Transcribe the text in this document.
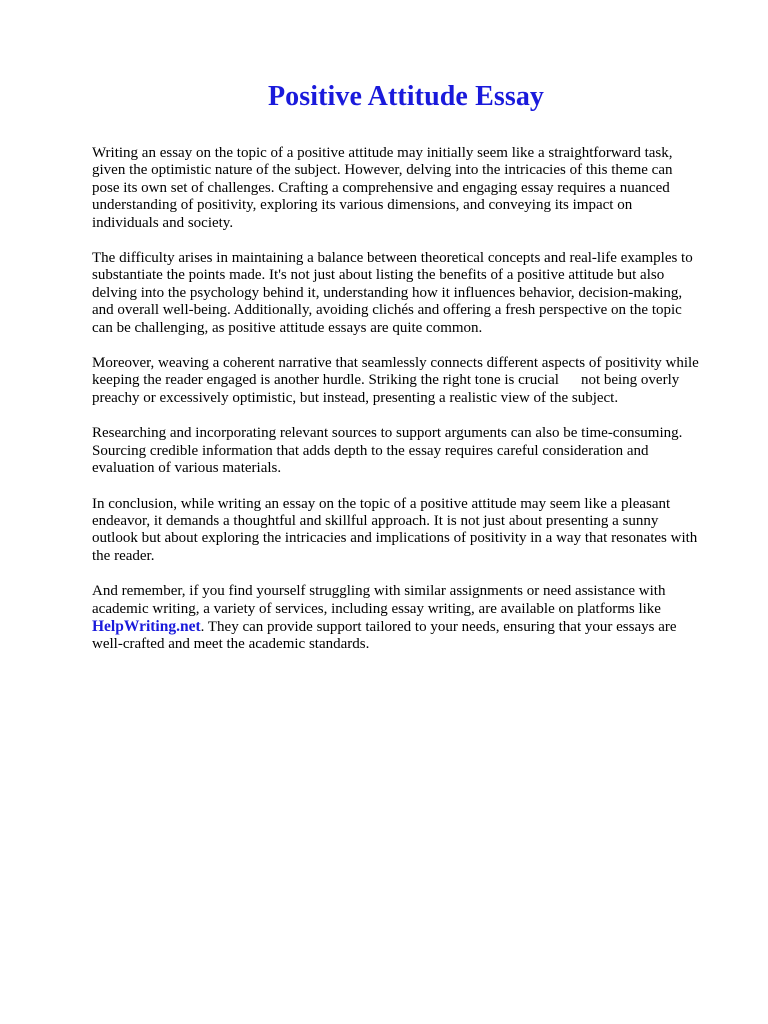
Positive Attitude Essay

Writing an essay on the topic of a positive attitude may initially seem like a straightforward task,
given the optimistic nature of the subject. However, delving into the intricacies of this theme can
pose its own set of challenges. Crafting a comprehensive and engaging essay requires a nuanced
understanding of positivity, exploring its various dimensions, and conveying its impact on
individuals and society.

The difficulty arises in maintaining a balance between theoretical concepts and real-life examples to
substantiate the points made. It's not just about listing the benefits of a positive attitude but also
delving into the psychology behind it, understanding how it influences behavior, decision-making,
and overall well-being. Additionally, avoiding clichés and offering a fresh perspective on the topic
can be challenging, as positive attitude essays are quite common.

Moreover, weaving a coherent narrative that seamlessly connects different aspects of positivity while
keeping the reader engaged is another hurdle. Striking the right tone is crucial not being overly
preachy or excessively optimistic, but instead, presenting a realistic view of the subject.

Researching and incorporating relevant sources to support arguments can also be time-consuming.
Sourcing credible information that adds depth to the essay requires careful consideration and
evaluation of various materials.

In conclusion, while writing an essay on the topic of a positive attitude may seem like a pleasant
endeavor, it demands a thoughtful and skillful approach. It is not just about presenting a sunny
outlook but about exploring the intricacies and implications of positivity in a way that resonates with
the reader.

And remember, if you find yourself struggling with similar assignments or need assistance with
academic writing, a variety of services, including essay writing, are available on platforms like
HelpWriting.net. They can provide support tailored to your needs, ensuring that your essays are
well-crafted and meet the academic standards.
